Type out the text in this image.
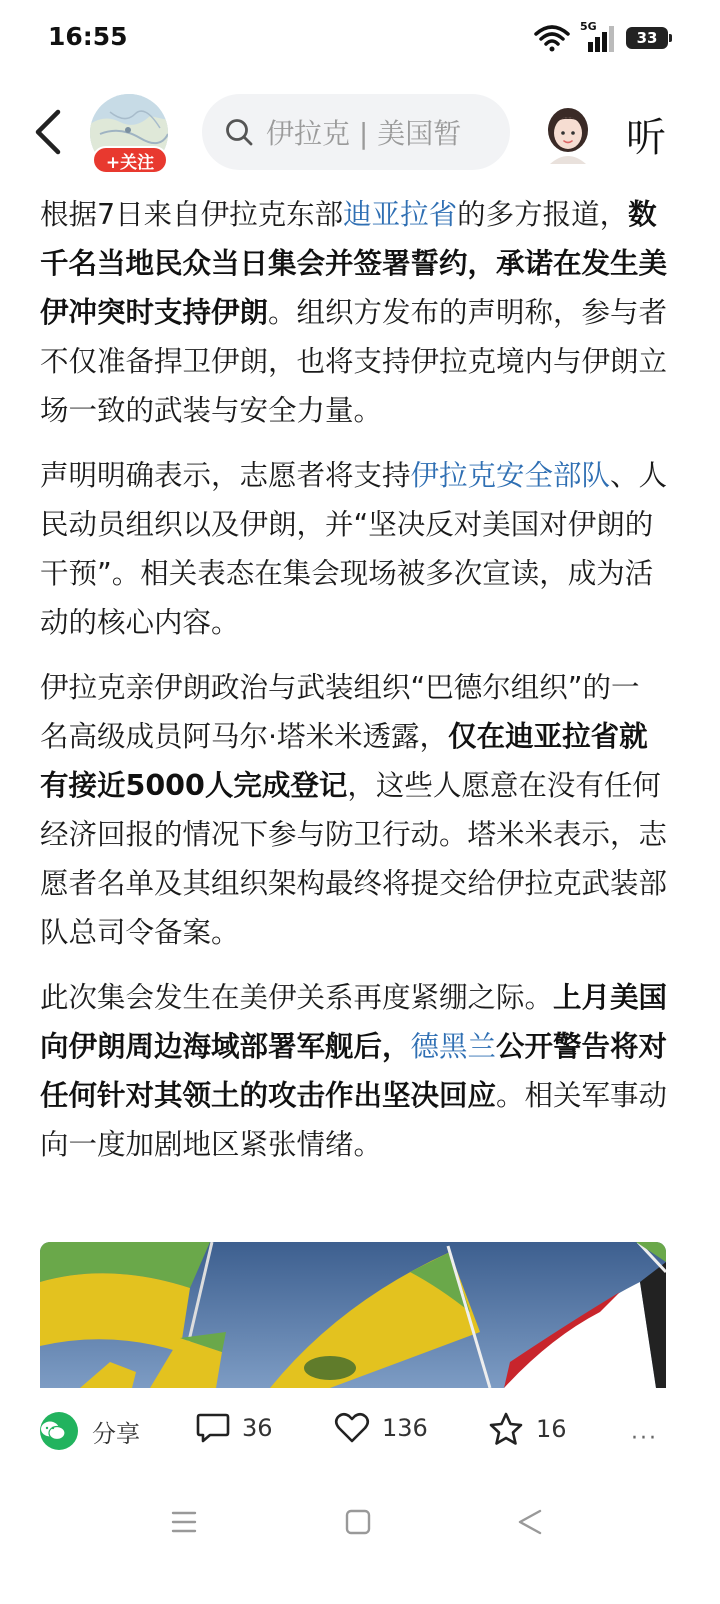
16:55	5G
33
+关注
伊拉克 | 美国暂	听

根据7日来自伊拉克东部迪亚拉省的多方报道，数千名当地民众当日集会并签署誓约，承诺在发生美伊冲突时支持伊朗。组织方发布的声明称，参与者不仅准备捍卫伊朗，也将支持伊拉克境内与伊朗立场一致的武装与安全力量。

声明明确表示，志愿者将支持伊拉克安全部队、人民动员组织以及伊朗，并“坚决反对美国对伊朗的干预”。相关表态在集会现场被多次宣读，成为活动的核心内容。

伊拉克亲伊朗政治与武装组织“巴德尔组织”的一名高级成员阿马尔·塔米米透露，仅在迪亚拉省就有接近5000人完成登记，这些人愿意在没有任何经济回报的情况下参与防卫行动。塔米米表示，志愿者名单及其组织架构最终将提交给伊拉克武装部队总司令备案。

此次集会发生在美伊关系再度紧绷之际。上月美国向伊朗周边海域部署军舰后，德黑兰公开警告将对任何针对其领土的攻击作出坚决回应。相关军事动向一度加剧地区紧张情绪。

分享	36	136	16	···
